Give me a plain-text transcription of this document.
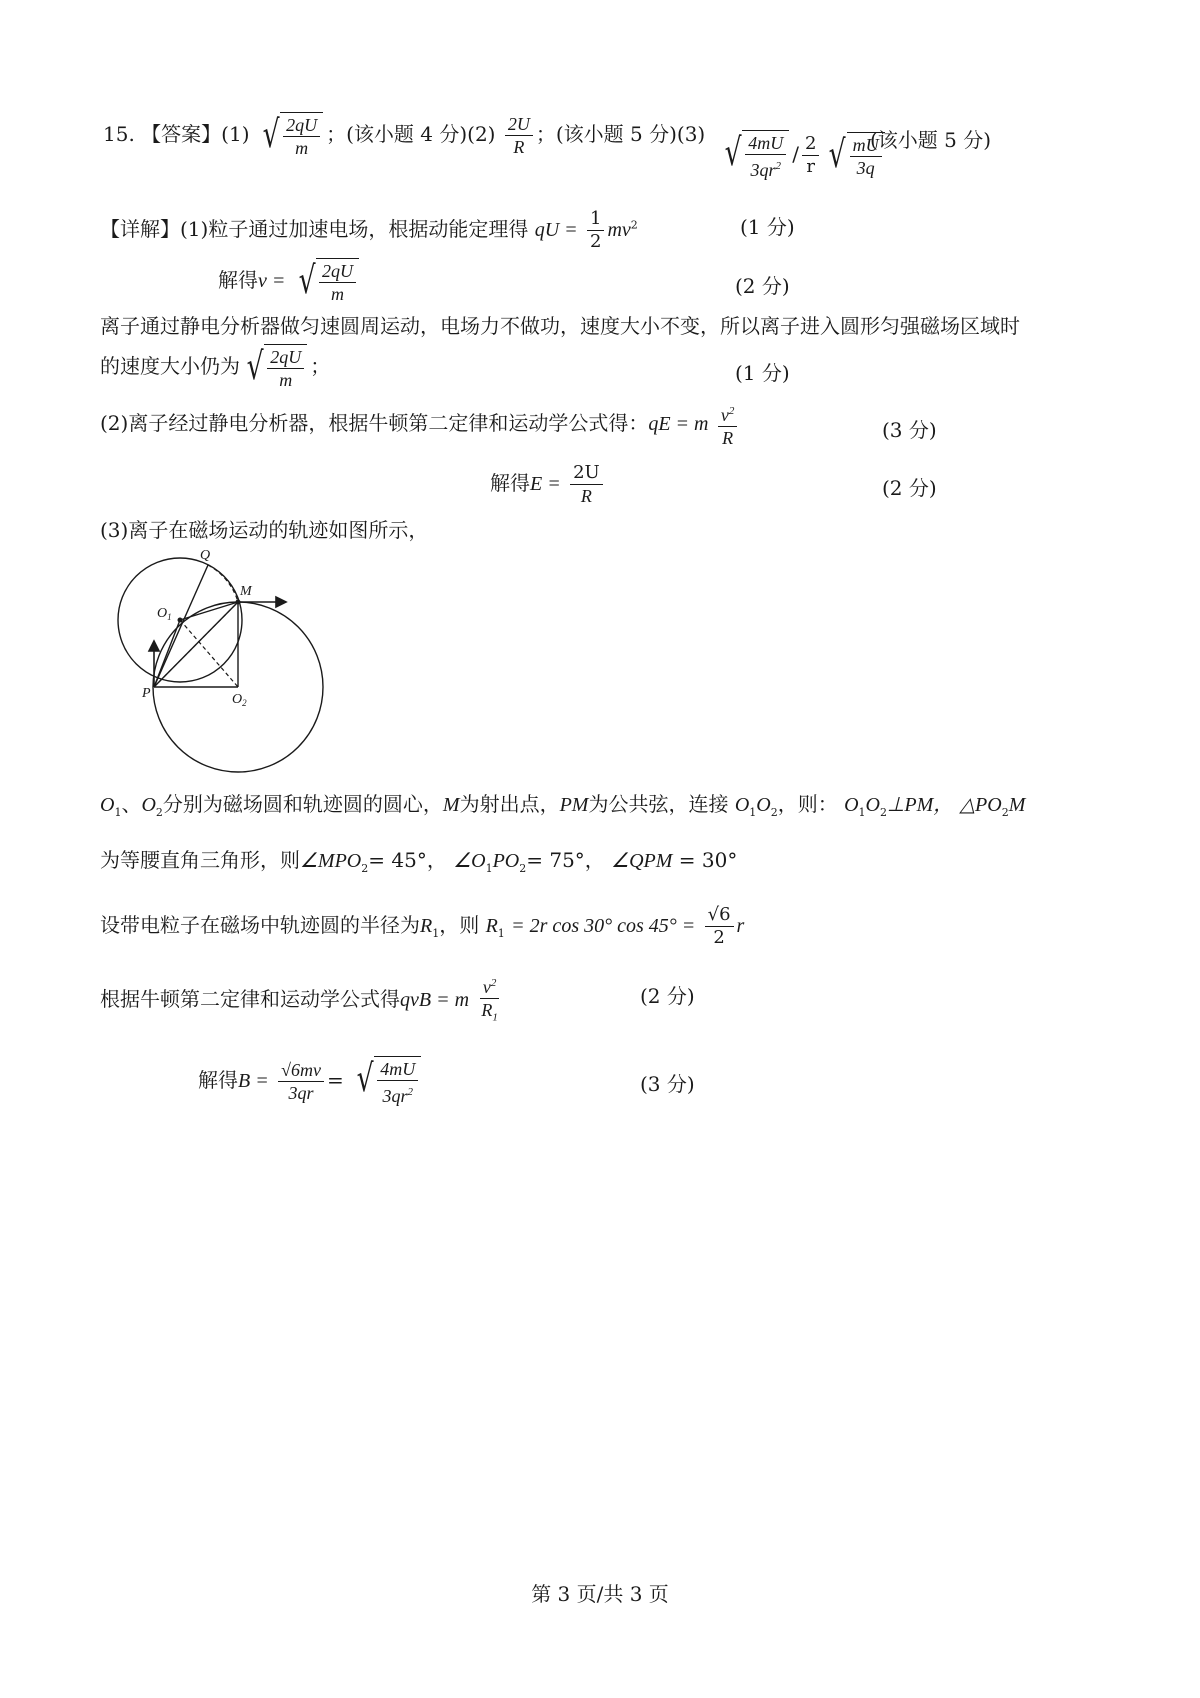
15. 【答案】(1) √ $\frac{2qU}{m}$ ；(该小题 4 分)$(2) \frac{2U}{R}$ ；(该小题 5 分)(3) √ $\frac{4mU}{3qr^2} / \frac{2}{r}$ √ $\frac{mU}{3q}$
(该小题 5 分)
【详解】(1)粒子通过加速电场，根据动能定理得 qU = $\frac{1}{2} mv^2$	(1 分)
解得v = √ $\frac{2qU}{m}$	(2 分)
离子通过静电分析器做匀速圆周运动，电场力不做功，速度大小不变，所以离子进入圆形匀强磁场区域时
的速度大小仍为 √ $\frac{2qU}{m}$ ；	(1 分)
(2)离子经过静电分析器，根据牛顿第二定律和运动学公式得：qE = m $\frac{v^2}{R}$	(3 分)
解得$E = \frac{2U}{R}$	(2 分)
(3)离子在磁场运动的轨迹如图所示，
Q
M
$O_1$
P	$O_2$
$O_1$、$O_2$分别为磁场圆和轨迹圆的圆心，M为射出点，PM为公共弦，连接 $O_1O_2$，则： $O_1O_2\perp PM$， $\triangle PO_2M$
为等腰直角三角形，则$\angle MPO_2= 45^\circ$， $\angle O_1PO_2= 75^\circ$， ∠QPM = 30°
设带电粒子在磁场中轨迹圆的半径为$R_1$，则 $R_1 = 2r$ cos 30° $\cos 45^\circ = \frac{√6}{2}$ r
根据牛顿第二定律和运动学公式得qvB = m $\frac{v^2}{R_1}$	(2 分)
解得$B = \frac{√6mv}{3qr}$ = √ $\frac{4mU}{3qr^2}$	(3 分)
第 3 页/共 3 页
